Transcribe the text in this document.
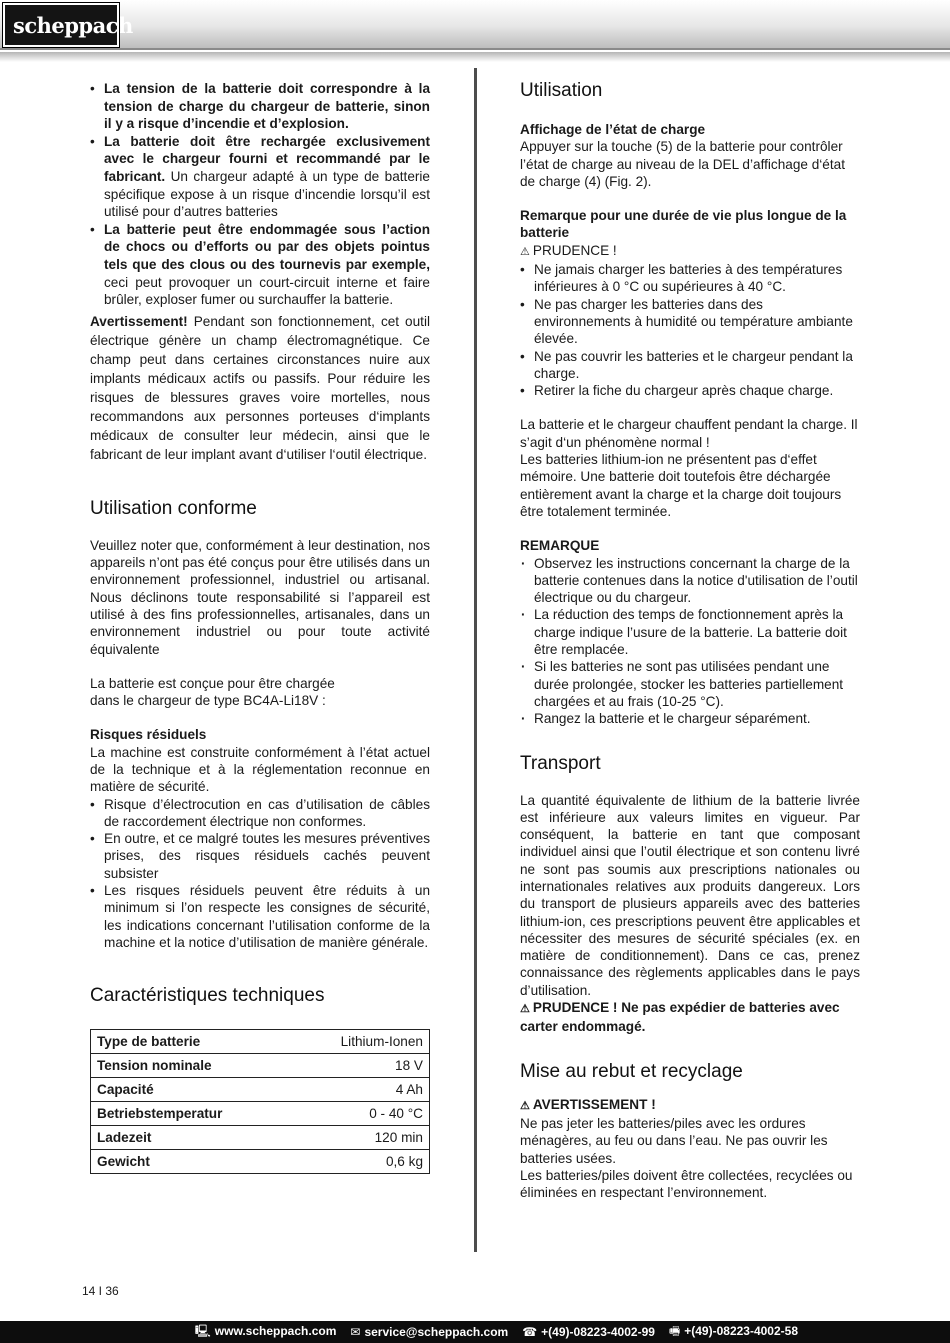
scheppach
• La tension de la batterie doit correspondre à la tension de charge du chargeur de batterie, sinon il y a risque d’incendie et d’explosion.
• La batterie doit être rechargée exclusivement avec le chargeur fourni et recommandé par le fabricant. Un chargeur adapté à un type de batterie spécifique expose à un risque d’incendie lorsqu’il est utilisé pour d’autres batteries
• La batterie peut être endommagée sous l’action de chocs ou d’efforts ou par des objets pointus tels que des clous ou des tournevis par exemple, ceci peut provoquer un court-circuit interne et faire brûler, exploser fumer ou surchauffer la batterie.

Avertissement! Pendant son fonctionnement, cet outil électrique génère un champ électromagnétique. Ce champ peut dans certaines circonstances nuire aux implants médicaux actifs ou passifs. Pour réduire les risques de blessures graves voire mortelles, nous recommandons aux personnes porteuses d‘implants médicaux de consulter leur médecin, ainsi que le fabricant de leur implant avant d‘utiliser l‘outil électrique.

Utilisation conforme

Veuillez noter que, conformément à leur destination, nos appareils n’ont pas été conçus pour être utilisés dans un environnement professionnel, industriel ou artisanal. Nous déclinons toute responsabilité si l’appareil est utilisé à des fins professionnelles, artisanales, dans un environnement industriel ou pour toute activité équivalente

La batterie est conçue pour être chargée

dans le chargeur de type BC4A-Li18V :

Risques résiduels

La machine est construite conformément à l’état actuel de la technique et à la réglementation reconnue en matière de sécurité.

• Risque d’électrocution en cas d’utilisation de câbles de raccordement électrique non conformes.
• En outre, et ce malgré toutes les mesures préventives prises, des risques résiduels cachés peuvent subsister
• Les risques résiduels peuvent être réduits à un minimum si l’on respecte les consignes de sécurité, les indications concernant l’utilisation conforme de la machine et la notice d’utilisation de manière générale.
Caractéristiques techniques
Type de batterie	Lithium-Ionen
Tension nominale	18 V
Capacité	4 Ah
Betriebstemperatur	0 - 40 °C
Ladezeit	120 min
Gewicht	0,6 kg
Utilisation
Affichage de l’état de charge

Appuyer sur la touche (5) de la batterie pour contrôler l’état de charge au niveau de la DEL d’affichage d‘état de charge (4) (Fig. 2).

Remarque pour une durée de vie plus longue de la batterie

⚠ PRUDENCE !

• Ne jamais charger les batteries à des températures inférieures à 0 °C ou supérieures à 40 °C.
• Ne pas charger les batteries dans des environnements à humidité ou température ambiante élevée.
• Ne pas couvrir les batteries et le chargeur pendant la charge.
• Retirer la fiche du chargeur après chaque charge.

La batterie et le chargeur chauffent pendant la charge. Il s’agit d‘un phénomène normal !

Les batteries lithium-ion ne présentent pas d‘effet mémoire. Une batterie doit toutefois être déchargée entièrement avant la charge et la charge doit toujours être totalement terminée.

REMARQUE
· Observez les instructions concernant la charge de la batterie contenues dans la notice d'utilisation de l’outil électrique ou du chargeur.
· La réduction des temps de fonctionnement après la charge indique l’usure de la batterie. La batterie doit être remplacée.
· Si les batteries ne sont pas utilisées pendant une durée prolongée, stocker les batteries partiellement chargées et au frais (10-25 °C).
· Rangez la batterie et le chargeur séparément.
Transport

La quantité équivalente de lithium de la batterie livrée est inférieure aux valeurs limites en vigueur. Par conséquent, la batterie en tant que composant individuel ainsi que l’outil électrique et son contenu livré ne sont pas soumis aux prescriptions nationales ou internationales relatives aux produits dangereux. Lors du transport de plusieurs appareils avec des batteries lithium-ion, ces prescriptions peuvent être applicables et nécessiter des mesures de sécurité spéciales (ex. en matière de conditionnement). Dans ce cas, prenez connaissance des règlements applicables dans le pays d’utilisation.

⚠ PRUDENCE ! Ne pas expédier de batteries avec carter endommagé.

Mise au rebut et recyclage

⚠ AVERTISSEMENT !

Ne pas jeter les batteries/piles avec les ordures ménagères, au feu ou dans l’eau. Ne pas ouvrir les batteries usées.

Les batteries/piles doivent être collectées, recyclées ou éliminées en respectant l’environnement.

14 I 36
🖳 www.scheppach.com ✉ service@scheppach.com ☎ +(49)-08223-4002-99 🖷 +(49)-08223-4002-58
